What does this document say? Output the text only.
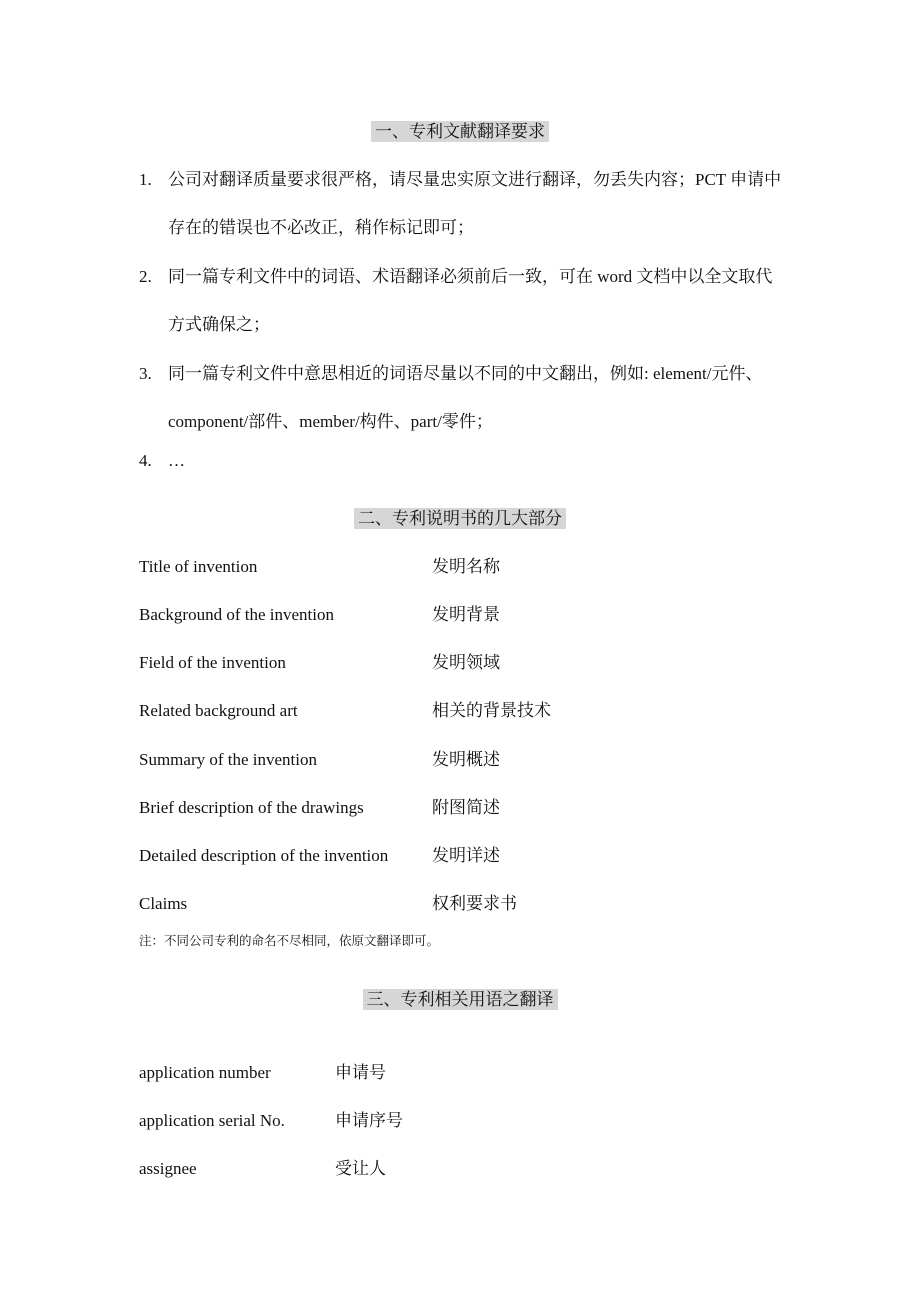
一、专利文献翻译要求
1. 公司对翻译质量要求很严格，请尽量忠实原文进行翻译，勿丢失内容；PCT 申请中存在的错误也不必改正，稍作标记即可；
2. 同一篇专利文件中的词语、术语翻译必须前后一致，可在 word 文档中以全文取代方式确保之；
3. 同一篇专利文件中意思相近的词语尽量以不同的中文翻出，例如: element/元件、component/部件、member/构件、part/零件；
4. …
二、专利说明书的几大部分
Title of invention	发明名称
Background of the invention	发明背景
Field of the invention	发明领域
Related background art	相关的背景技术
Summary of the invention	发明概述
Brief description of the drawings	附图简述
Detailed description of the invention	发明详述
Claims	权利要求书
注：不同公司专利的命名不尽相同，依原文翻译即可。
三、专利相关用语之翻译
application number	申请号
application serial No.	申请序号
assignee	受让人
